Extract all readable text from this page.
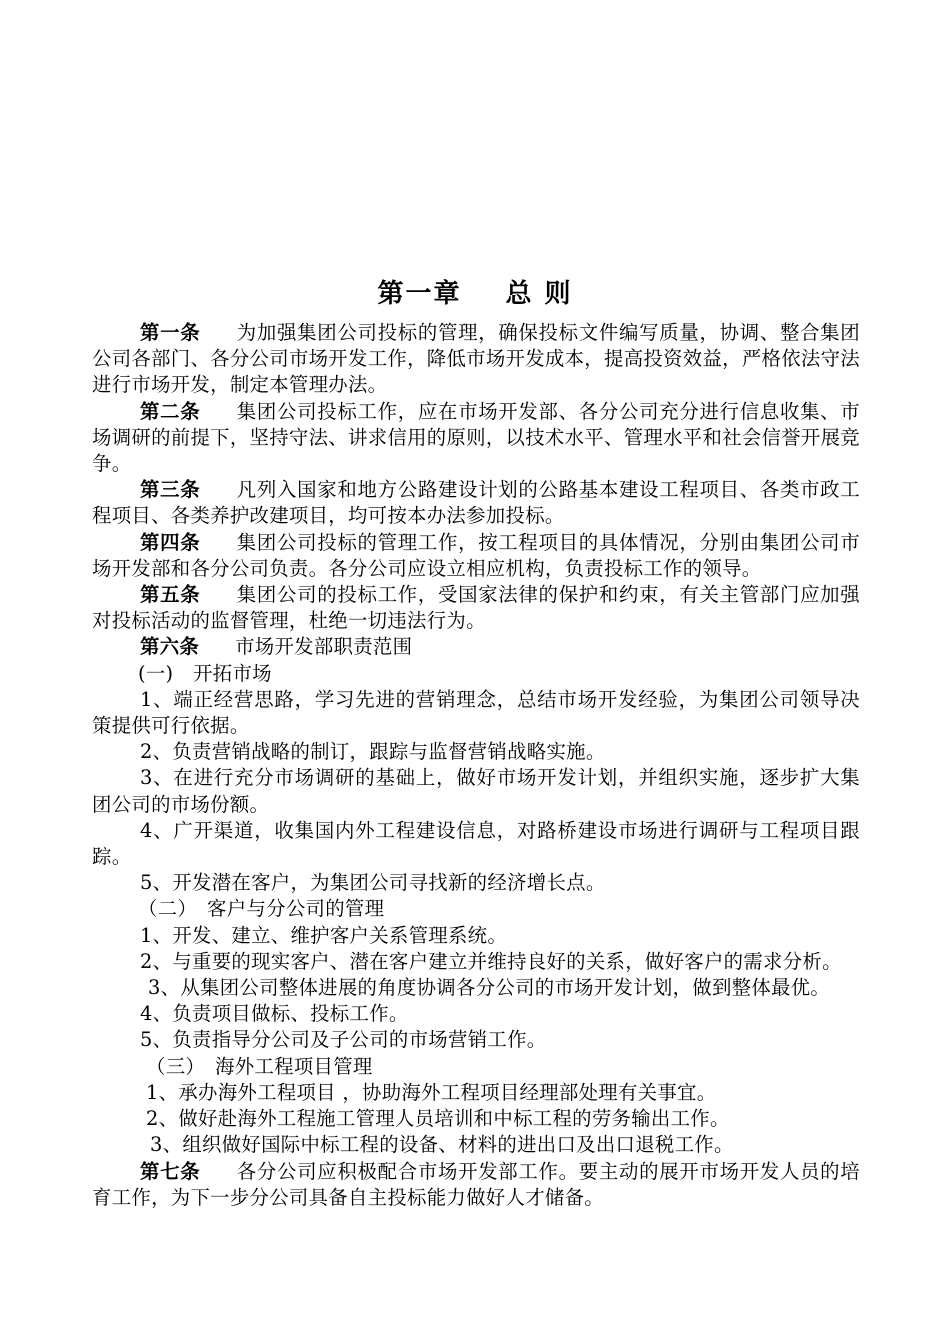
第一章 总 则

第一条 为加强集团公司投标的管理，确保投标文件编写质量，协调、整合集团公司各部门、各分公司市场开发工作，降低市场开发成本，提高投资效益，严格依法守法进行市场开发，制定本管理办法。

第二条 集团公司投标工作，应在市场开发部、各分公司充分进行信息收集、市场调研的前提下，坚持守法、讲求信用的原则，以技术水平、管理水平和社会信誉开展竞争。

第三条 凡列入国家和地方公路建设计划的公路基本建设工程项目、各类市政工程项目、各类养护改建项目，均可按本办法参加投标。

第四条 集团公司投标的管理工作，按工程项目的具体情况，分别由集团公司市场开发部和各分公司负责。各分公司应设立相应机构，负责投标工作的领导。

第五条 集团公司的投标工作，受国家法律的保护和约束，有关主管部门应加强对投标活动的监督管理，杜绝一切违法行为。

第六条 市场开发部职责范围

(一)　开拓市场

1、端正经营思路，学习先进的营销理念，总结市场开发经验，为集团公司领导决策提供可行依据。

2、负责营销战略的制订，跟踪与监督营销战略实施。

3、在进行充分市场调研的基础上，做好市场开发计划，并组织实施，逐步扩大集团公司的市场份额。

4、广开渠道，收集国内外工程建设信息，对路桥建设市场进行调研与工程项目跟踪。

5、开发潜在客户，为集团公司寻找新的经济增长点。

（二）　客户与分公司的管理

1、开发、建立、维护客户关系管理系统。

2、与重要的现实客户、潜在客户建立并维持良好的关系，做好客户的需求分析。

3、从集团公司整体进展的角度协调各分公司的市场开发计划，做到整体最优。

4、负责项目做标、投标工作。

5、负责指导分公司及子公司的市场营销工作。

（三）　海外工程项目管理

1、承办海外工程项目 ，协助海外工程项目经理部处理有关事宜。

2、做好赴海外工程施工管理人员培训和中标工程的劳务输出工作。

3、组织做好国际中标工程的设备、材料的进出口及出口退税工作。

第七条 各分公司应积极配合市场开发部工作。要主动的展开市场开发人员的培育工作，为下一步分公司具备自主投标能力做好人才储备。
